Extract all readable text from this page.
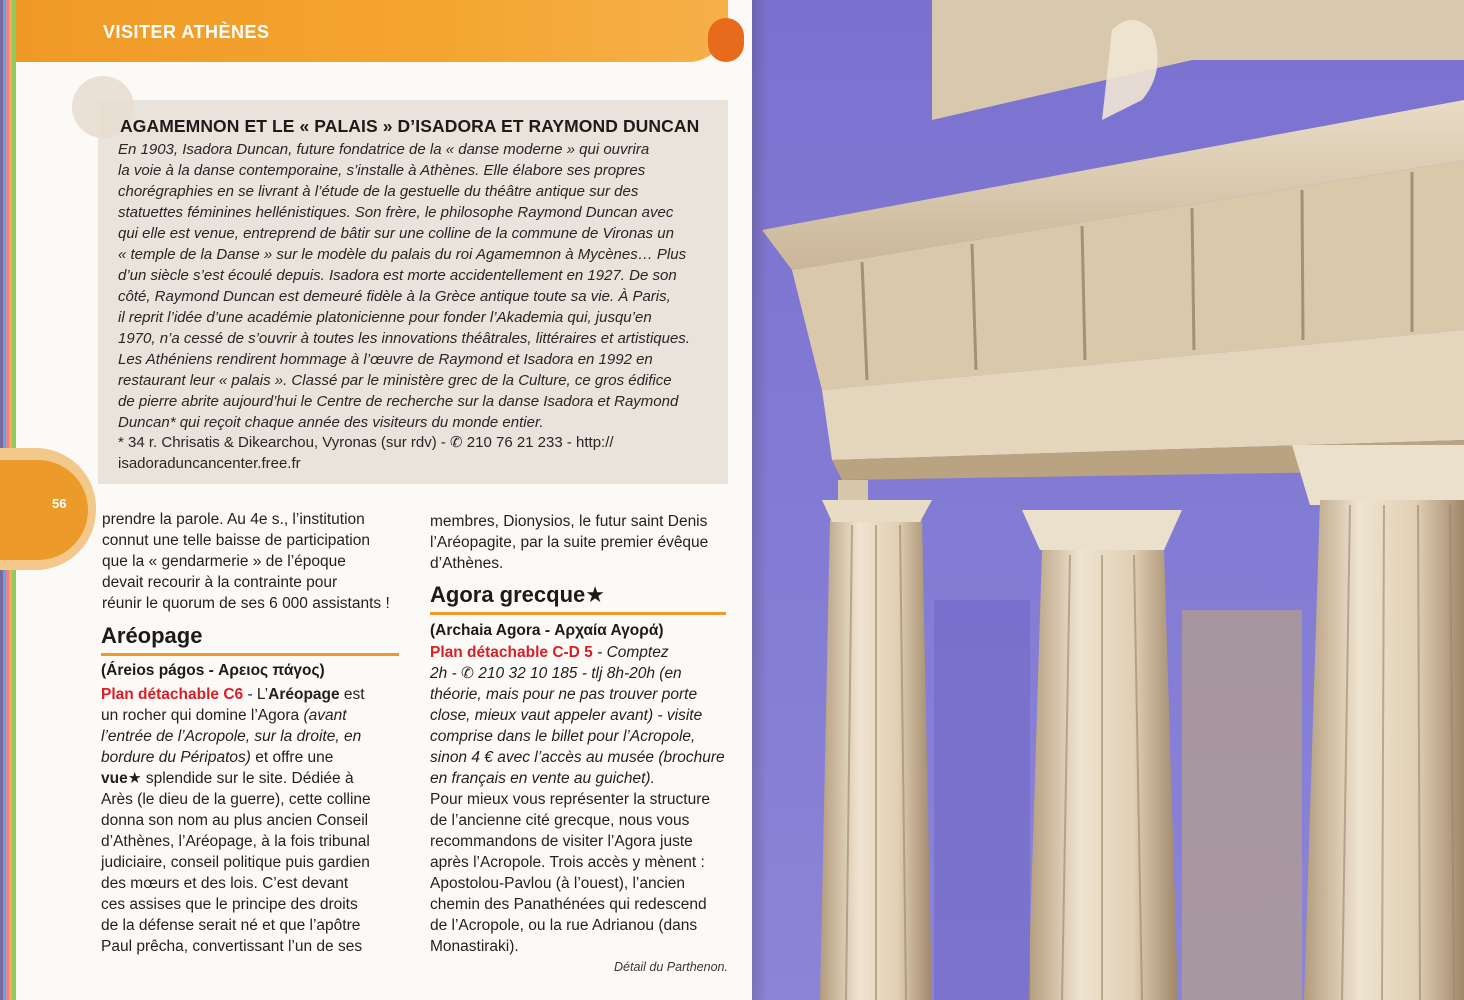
VISITER ATHÈNES
AGAMEMNON ET LE « PALAIS » D’ISADORA ET RAYMOND DUNCAN
En 1903, Isadora Duncan, future fondatrice de la « danse moderne » qui ouvrira
la voie à la danse contemporaine, s’installe à Athènes. Elle élabore ses propres
chorégraphies en se livrant à l’étude de la gestuelle du théâtre antique sur des
statuettes féminines hellénistiques. Son frère, le philosophe Raymond Duncan avec
qui elle est venue, entreprend de bâtir sur une colline de la commune de Vironas un
« temple de la Danse » sur le modèle du palais du roi Agamemnon à Mycènes… Plus
d’un siècle s’est écoulé depuis. Isadora est morte accidentellement en 1927. De son
côté, Raymond Duncan est demeuré fidèle à la Grèce antique toute sa vie. À Paris,
il reprit l’idée d’une académie platonicienne pour fonder l’Akademia qui, jusqu’en
1970, n’a cessé de s’ouvrir à toutes les innovations théâtrales, littéraires et artistiques.
Les Athéniens rendirent hommage à l’œuvre de Raymond et Isadora en 1992 en
restaurant leur « palais ». Classé par le ministère grec de la Culture, ce gros édifice
de pierre abrite aujourd’hui le Centre de recherche sur la danse Isadora et Raymond
Duncan* qui reçoit chaque année des visiteurs du monde entier.
* 34 r. Chrisatis & Dikearchou, Vyronas (sur rdv) - ✆ 210 76 21 233 - http://
isadoraduncancenter.free.fr
56
prendre la parole. Au 4e s., l’institution
connut une telle baisse de participation
que la « gendarmerie » de l’époque
devait recourir à la contrainte pour
réunir le quorum de ses 6 000 assistants !
Aréopage
(Áreios págos - Αρειος πάγος)
Plan détachable C6 - L’Aréopage est
un rocher qui domine l’Agora (avant
l’entrée de l’Acropole, sur la droite, en
bordure du Péripatos) et offre une
vue★ splendide sur le site. Dédiée à
Arès (le dieu de la guerre), cette colline
donna son nom au plus ancien Conseil
d’Athènes, l’Aréopage, à la fois tribunal
judiciaire, conseil politique puis gardien
des mœurs et des lois. C’est devant
ces assises que le principe des droits
de la défense serait né et que l’apôtre
Paul prêcha, convertissant l’un de ses
membres, Dionysios, le futur saint Denis
l’Aréopagite, par la suite premier évêque
d’Athènes.
Agora grecque★
(Archaia Agora - Αρχαία Αγορά)
Plan détachable C-D 5 - Comptez
2h - ✆ 210 32 10 185 - tlj 8h-20h (en
théorie, mais pour ne pas trouver porte
close, mieux vaut appeler avant) - visite
comprise dans le billet pour l’Acropole,
sinon 4 € avec l’accès au musée (brochure
en français en vente au guichet).
Pour mieux vous représenter la structure
de l’ancienne cité grecque, nous vous
recommandons de visiter l’Agora juste
après l’Acropole. Trois accès y mènent :
Apostolou-Pavlou (à l’ouest), l’ancien
chemin des Panathénées qui redescend
de l’Acropole, ou la rue Adrianou (dans
Monastiraki).
Détail du Parthenon.
